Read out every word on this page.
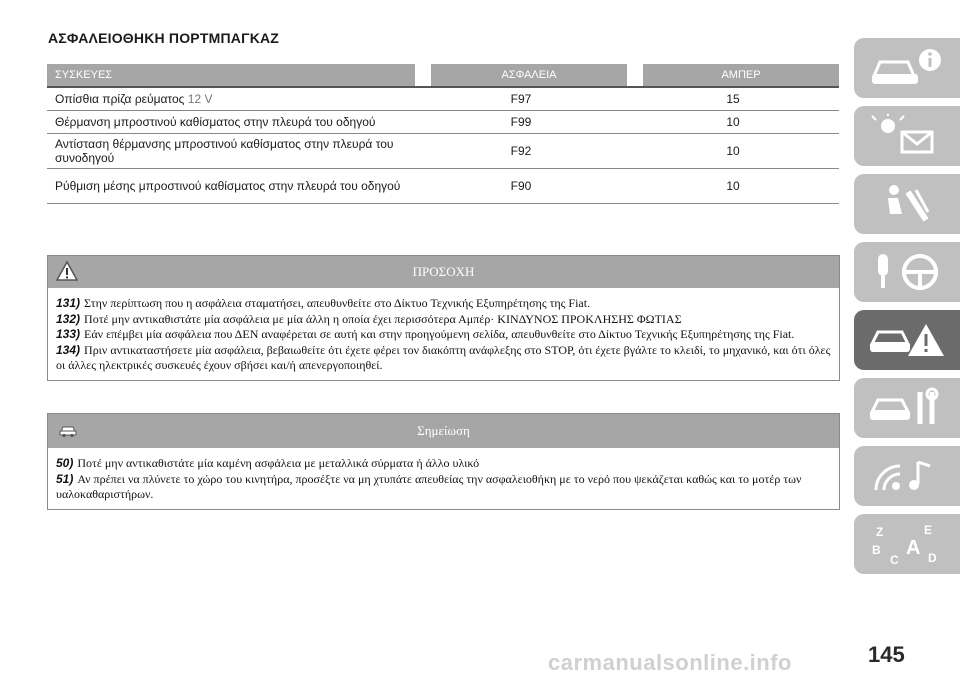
ΑΣΦΑΛΕΙΟΘΗΚΗ ΠΟΡΤΜΠΑΓΚΑΖ
ΣΥΣΚΕΥΕΣ		ΑΣΦΑΛΕΙΑ		ΑΜΠΕΡ
Οπίσθια πρίζα ρεύματος 12 V	F97		15	
Θέρμανση μπροστινού καθίσματος στην πλευρά του οδηγού	F99		10	
Αντίσταση θέρμανσης μπροστινού καθίσματος στην πλευρά του συνοδηγού	F92		10	
Ρύθμιση μέσης μπροστινού καθίσματος στην πλευρά του οδηγού	F90		10	
ΠΡΟΣΟΧΗ

131) Στην περίπτωση που η ασφάλεια σταματήσει, απευθυνθείτε στο Δίκτυο Τεχνικής Εξυπηρέτησης της Fiat.

132) Ποτέ μην αντικαθιστάτε μία ασφάλεια με μία άλλη η οποία έχει περισσότερα Αμπέρ· ΚΙΝΔΥΝΟΣ ΠΡΟΚΛΗΣΗΣ ΦΩΤΙΑΣ

133) Εάν επέμβει μία ασφάλεια που ΔΕΝ αναφέρεται σε αυτή και στην προηγούμενη σελίδα, απευθυνθείτε στο Δίκτυο Τεχνικής Εξυπηρέτησης της Fiat.

134) Πριν αντικαταστήσετε μία ασφάλεια, βεβαιωθείτε ότι έχετε φέρει τον διακόπτη ανάφλεξης στο STOP, ότι έχετε βγάλτε το κλειδί, το μηχανικό, και ότι όλες οι άλλες ηλεκτρικές συσκευές έχουν σβήσει και/ή απενεργοποιηθεί.

Σημείωση

50) Ποτέ μην αντικαθιστάτε μία καμένη ασφάλεια με μεταλλικά σύρματα ή άλλο υλικό

51) Αν πρέπει να πλύνετε το χώρο του κινητήρα, προσέξτε να μη χτυπάτε απευθείας την ασφαλειοθήκη με το νερό που ψεκάζεται καθώς και το μοτέρ των υαλοκαθαριστήρων.

Z	E
B A
C D
carmanualsonline.info	145
